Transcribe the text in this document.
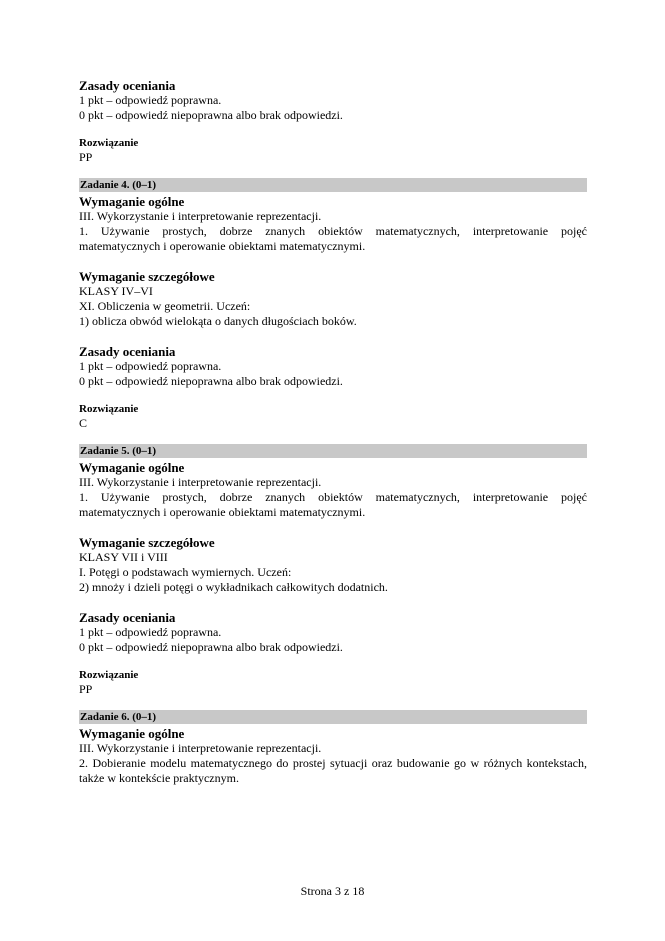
Zasady oceniania

1 pkt – odpowiedź poprawna.

0 pkt – odpowiedź niepoprawna albo brak odpowiedzi.

Rozwiązanie

PP

Zadanie 4. (0–1)

Wymaganie ogólne

III. Wykorzystanie i interpretowanie reprezentacji.

1. Używanie prostych, dobrze znanych obiektów matematycznych, interpretowanie pojęć matematycznych i operowanie obiektami matematycznymi.

Wymaganie szczegółowe

KLASY IV–VI

XI. Obliczenia w geometrii. Uczeń:

1) oblicza obwód wielokąta o danych długościach boków.

Zasady oceniania

1 pkt – odpowiedź poprawna.

0 pkt – odpowiedź niepoprawna albo brak odpowiedzi.

Rozwiązanie

C

Zadanie 5. (0–1)

Wymaganie ogólne

III. Wykorzystanie i interpretowanie reprezentacji.

1. Używanie prostych, dobrze znanych obiektów matematycznych, interpretowanie pojęć matematycznych i operowanie obiektami matematycznymi.

Wymaganie szczegółowe

KLASY VII i VIII

I. Potęgi o podstawach wymiernych. Uczeń:

2) mnoży i dzieli potęgi o wykładnikach całkowitych dodatnich.

Zasady oceniania

1 pkt – odpowiedź poprawna.

0 pkt – odpowiedź niepoprawna albo brak odpowiedzi.

Rozwiązanie

PP

Zadanie 6. (0–1)

Wymaganie ogólne

III. Wykorzystanie i interpretowanie reprezentacji.

2. Dobieranie modelu matematycznego do prostej sytuacji oraz budowanie go w różnych kontekstach, także w kontekście praktycznym.

Strona 3 z 18
